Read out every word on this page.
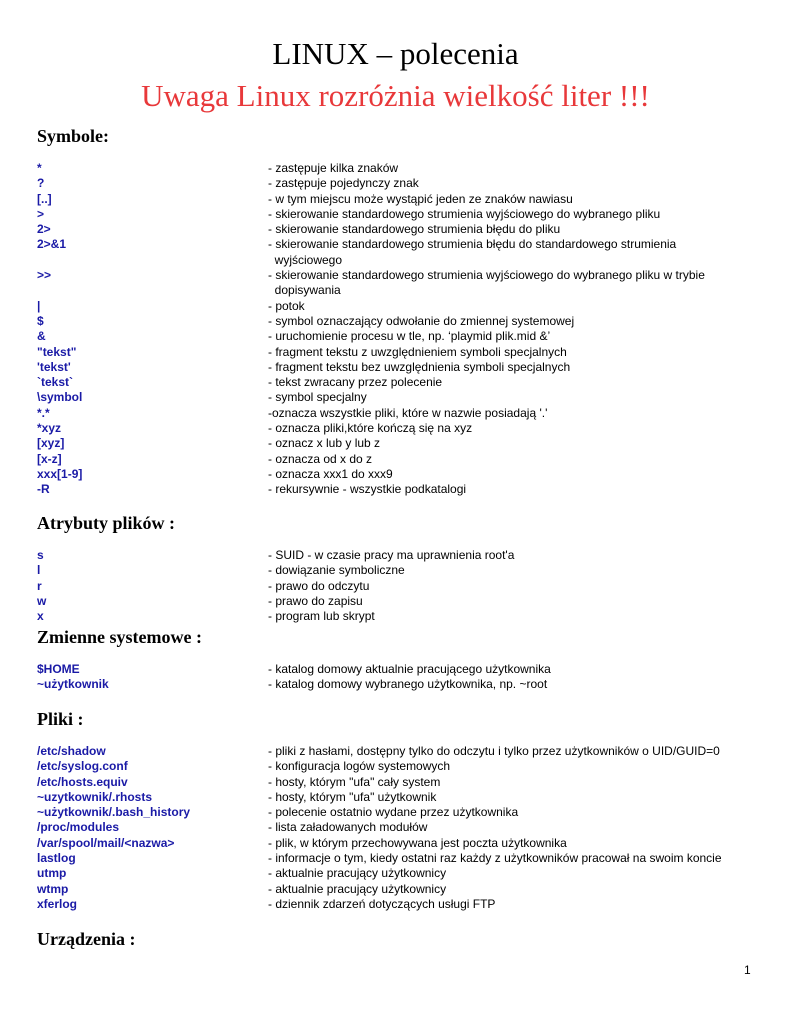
LINUX – polecenia
Uwaga Linux rozróżnia wielkość liter !!!
Symbole:
*	- zastępuje kilka znaków
?	- zastępuje pojedynczy znak
[..]	- w tym miejscu może wystąpić jeden ze znaków nawiasu
>	- skierowanie standardowego strumienia wyjściowego do wybranego pliku
2>	- skierowanie standardowego strumienia błędu do pliku
2>&1	- skierowanie standardowego strumienia błędu do standardowego strumienia
wyjściowego
>>	- skierowanie standardowego strumienia wyjściowego do wybranego pliku w trybie
dopisywania
|	- potok
$	- symbol oznaczający odwołanie do zmiennej systemowej
&	- uruchomienie procesu w tle, np. ‘playmid plik.mid &’
"tekst"	- fragment tekstu z uwzględnieniem symboli specjalnych
'tekst'	- fragment tekstu bez uwzględnienia symboli specjalnych
`tekst`	- tekst zwracany przez polecenie
\symbol	- symbol specjalny
*.*	-oznacza wszystkie pliki, które w nazwie posiadają '.'
*xyz	- oznacza pliki,które kończą się na xyz
[xyz]	- oznacz x lub y lub z
[x-z]	- oznacza od x do z
xxx[1-9]	- oznacza xxx1 do xxx9
-R	- rekursywnie - wszystkie podkatalogi
Atrybuty plików :
s	- SUID - w czasie pracy ma uprawnienia root'a
l	- dowiązanie symboliczne
r	- prawo do odczytu
w	- prawo do zapisu
x	- program lub skrypt
Zmienne systemowe :
$HOME	- katalog domowy aktualnie pracującego użytkownika
~użytkownik	- katalog domowy wybranego użytkownika, np. ~root
Pliki :
/etc/shadow	- pliki z hasłami, dostępny tylko do odczytu i tylko przez użytkowników o UID/GUID=0
/etc/syslog.conf	- konfiguracja logów systemowych
/etc/hosts.equiv	- hosty, którym "ufa" cały system
~uzytkownik/.rhosts	- hosty, którym "ufa" użytkownik
~użytkownik/.bash_history	- polecenie ostatnio wydane przez użytkownika
/proc/modules	- lista załadowanych modułów
/var/spool/mail/<nazwa>	- plik, w którym przechowywana jest poczta użytkownika
lastlog	- informacje o tym, kiedy ostatni raz każdy z użytkowników pracował na swoim koncie
utmp	- aktualnie pracujący użytkownicy
wtmp	- aktualnie pracujący użytkownicy
xferlog	- dziennik zdarzeń dotyczących usługi FTP
Urządzenia :
1
